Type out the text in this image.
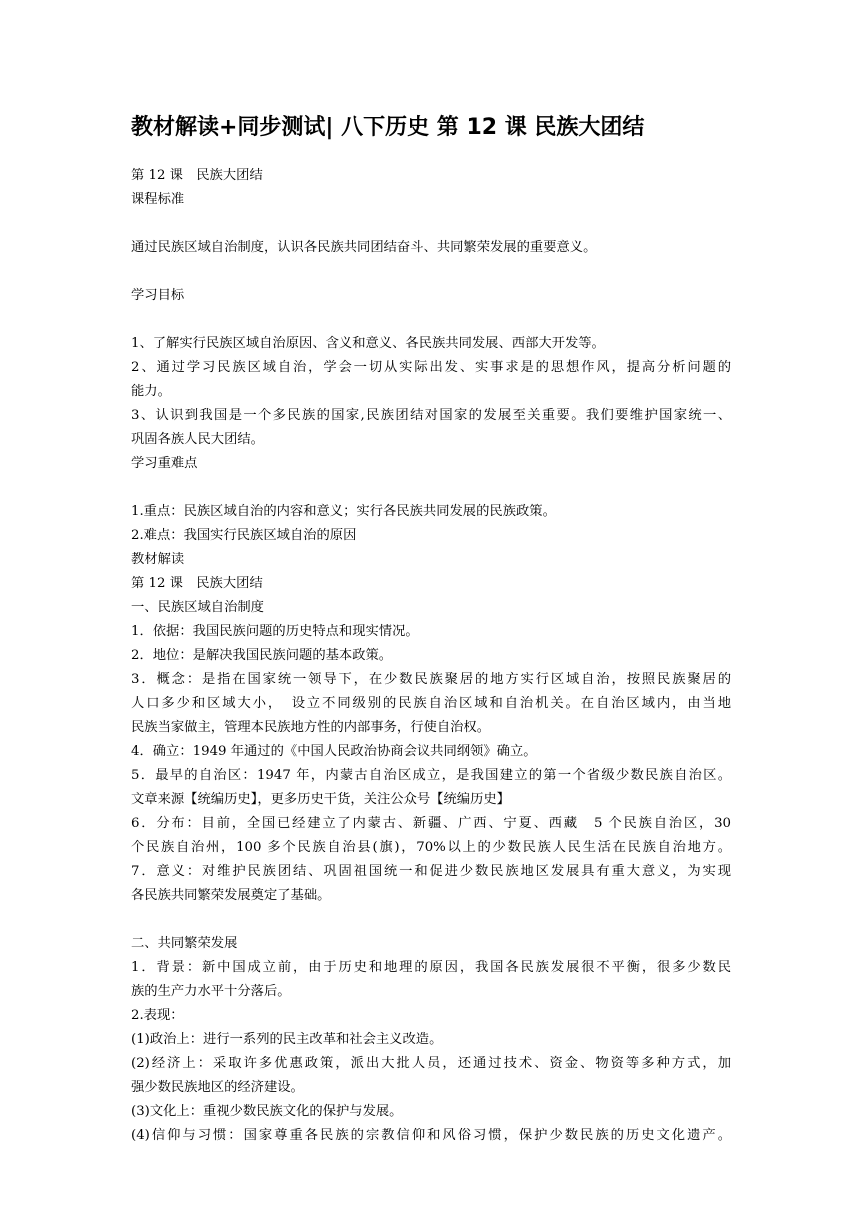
教材解读+同步测试| 八下历史 第 12 课 民族大团结
第 12 课　民族大团结
课程标准
通过民族区域自治制度，认识各民族共同团结奋斗、共同繁荣发展的重要意义。
学习目标
1、了解实行民族区域自治原因、含义和意义、各民族共同发展、西部大开发等。
2、通过学习民族区域自治，学会一切从实际出发、实事求是的思想作风，提高分析问题的
能力。
3、认识到我国是一个多民族的国家,民族团结对国家的发展至关重要。我们要维护国家统一、
巩固各族人民大团结。
学习重难点
1.重点：民族区域自治的内容和意义；实行各民族共同发展的民族政策。
2.难点：我国实行民族区域自治的原因
教材解读
第 12 课　民族大团结
一、民族区域自治制度
1．依据：我国民族问题的历史特点和现实情况。
2．地位：是解决我国民族问题的基本政策。
3．概念：是指在国家统一领导下，在少数民族聚居的地方实行区域自治，按照民族聚居的
人口多少和区域大小，　设立不同级别的民族自治区域和自治机关。在自治区域内，由当地
民族当家做主，管理本民族地方性的内部事务，行使自治权。
4．确立：1949 年通过的《中国人民政治协商会议共同纲领》确立。
5．最早的自治区：1947 年，内蒙古自治区成立，是我国建立的第一个省级少数民族自治区。
文章来源【统编历史】，更多历史干货，关注公众号【统编历史】
6．分布：目前，全国已经建立了内蒙古、新疆、广西、宁夏、西藏　5 个民族自治区，30
个民族自治州，100 多个民族自治县(旗)，70%以上的少数民族人民生活在民族自治地方。
7．意义：对维护民族团结、巩固祖国统一和促进少数民族地区发展具有重大意义，为实现
各民族共同繁荣发展奠定了基础。
二、共同繁荣发展
1．背景：新中国成立前，由于历史和地理的原因，我国各民族发展很不平衡，很多少数民
族的生产力水平十分落后。
2.表现：
(1)政治上：进行一系列的民主改革和社会主义改造。
(2)经济上：采取许多优惠政策，派出大批人员，还通过技术、资金、物资等多种方式，加
强少数民族地区的经济建设。
(3)文化上：重视少数民族文化的保护与发展。
(4)信仰与习惯：国家尊重各民族的宗教信仰和风俗习惯，保护少数民族的历史文化遗产。
